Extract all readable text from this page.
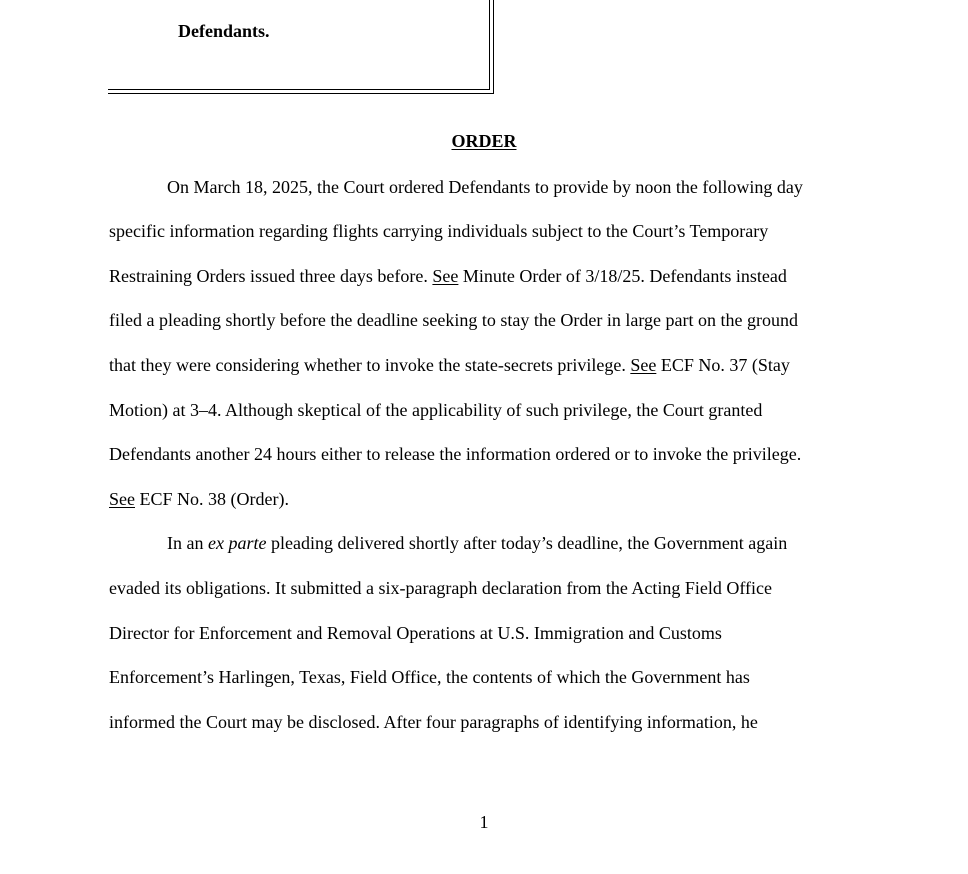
Defendants.
ORDER
On March 18, 2025, the Court ordered Defendants to provide by noon the following day
specific information regarding flights carrying individuals subject to the Court’s Temporary
Restraining Orders issued three days before. See Minute Order of 3/18/25. Defendants instead
filed a pleading shortly before the deadline seeking to stay the Order in large part on the ground
that they were considering whether to invoke the state-secrets privilege. See ECF No. 37 (Stay
Motion) at 3–4. Although skeptical of the applicability of such privilege, the Court granted
Defendants another 24 hours either to release the information ordered or to invoke the privilege.
See ECF No. 38 (Order).
In an ex parte pleading delivered shortly after today’s deadline, the Government again
evaded its obligations. It submitted a six-paragraph declaration from the Acting Field Office
Director for Enforcement and Removal Operations at U.S. Immigration and Customs
Enforcement’s Harlingen, Texas, Field Office, the contents of which the Government has
informed the Court may be disclosed. After four paragraphs of identifying information, he
1
